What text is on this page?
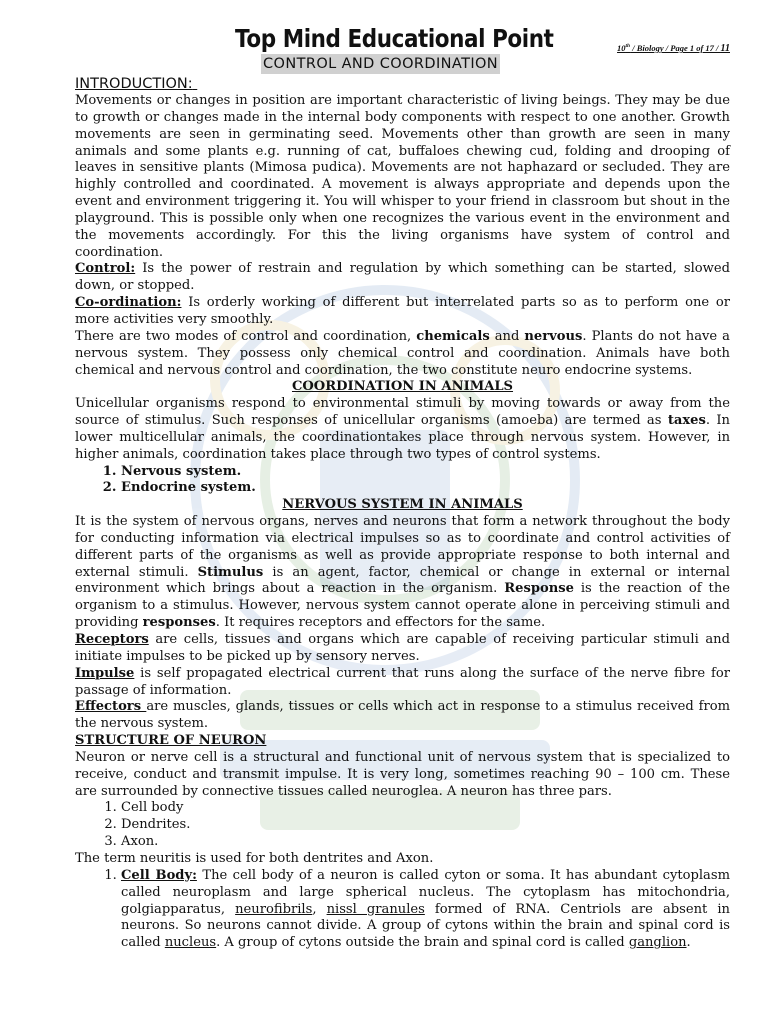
Top Mind Educational Point	10th / Biology / Page 1 of 17 / 11
CONTROL AND COORDINATION
INTRODUCTION:

Movements or changes in position are important characteristic of living beings. They may be due to growth or changes made in the internal body components with respect to one another. Growth movements are seen in germinating seed. Movements other than growth are seen in many animals and some plants e.g. running of cat, buffaloes chewing cud, folding and drooping of leaves in sensitive plants (Mimosa pudica). Movements are not haphazard or secluded. They are highly controlled and coordinated. A movement is always appropriate and depends upon the event and environment triggering it. You will whisper to your friend in classroom but shout in the playground. This is possible only when one recognizes the various event in the environment and the movements accordingly. For this the living organisms have system of control and coordination.

Control: Is the power of restrain and regulation by which something can be started, slowed down, or stopped.

Co-ordination: Is orderly working of different but interrelated parts so as to perform one or more activities very smoothly.

There are two modes of control and coordination, chemicals and nervous. Plants do not have a nervous system. They possess only chemical control and coordination. Animals have both chemical and nervous control and coordination, the two constitute neuro endocrine systems.

COORDINATION IN ANIMALS

Unicellular organisms respond to environmental stimuli by moving towards or away from the source of stimulus. Such responses of unicellular organisms (amoeba) are termed as taxes. In lower multicellular animals, the coordinationtakes place through nervous system. However, in higher animals, coordination takes place through two types of control systems.

1. Nervous system.
2. Endocrine system.
NERVOUS SYSTEM IN ANIMALS

It is the system of nervous organs, nerves and neurons that form a network throughout the body for conducting information via electrical impulses so as to coordinate and control activities of different parts of the organisms as well as provide appropriate response to both internal and external stimuli. Stimulus is an agent, factor, chemical or change in external or internal environment which brings about a reaction in the organism. Response is the reaction of the organism to a stimulus. However, nervous system cannot operate alone in perceiving stimuli and providing responses. It requires receptors and effectors for the same.

Receptors are cells, tissues and organs which are capable of receiving particular stimuli and initiate impulses to be picked up by sensory nerves.

Impulse is self propagated electrical current that runs along the surface of the nerve fibre for passage of information.

Effectors are muscles, glands, tissues or cells which act in response to a stimulus received from the nervous system.

STRUCTURE OF NEURON

Neuron or nerve cell is a structural and functional unit of nervous system that is specialized to receive, conduct and transmit impulse. It is very long, sometimes reaching 90 – 100 cm. These are surrounded by connective tissues called neuroglea. A neuron has three pars.

1. Cell body
2. Dendrites.
3. Axon.

The term neuritis is used for both dentrites and Axon.

1. Cell Body: The cell body of a neuron is called cyton or soma. It has abundant cytoplasm called neuroplasm and large spherical nucleus. The cytoplasm has mitochondria, golgiapparatus, neurofibrils, nissl granules formed of RNA. Centriols are absent in neurons. So neurons cannot divide. A group of cytons within the brain and spinal cord is called nucleus. A group of cytons outside the brain and spinal cord is called ganglion.
